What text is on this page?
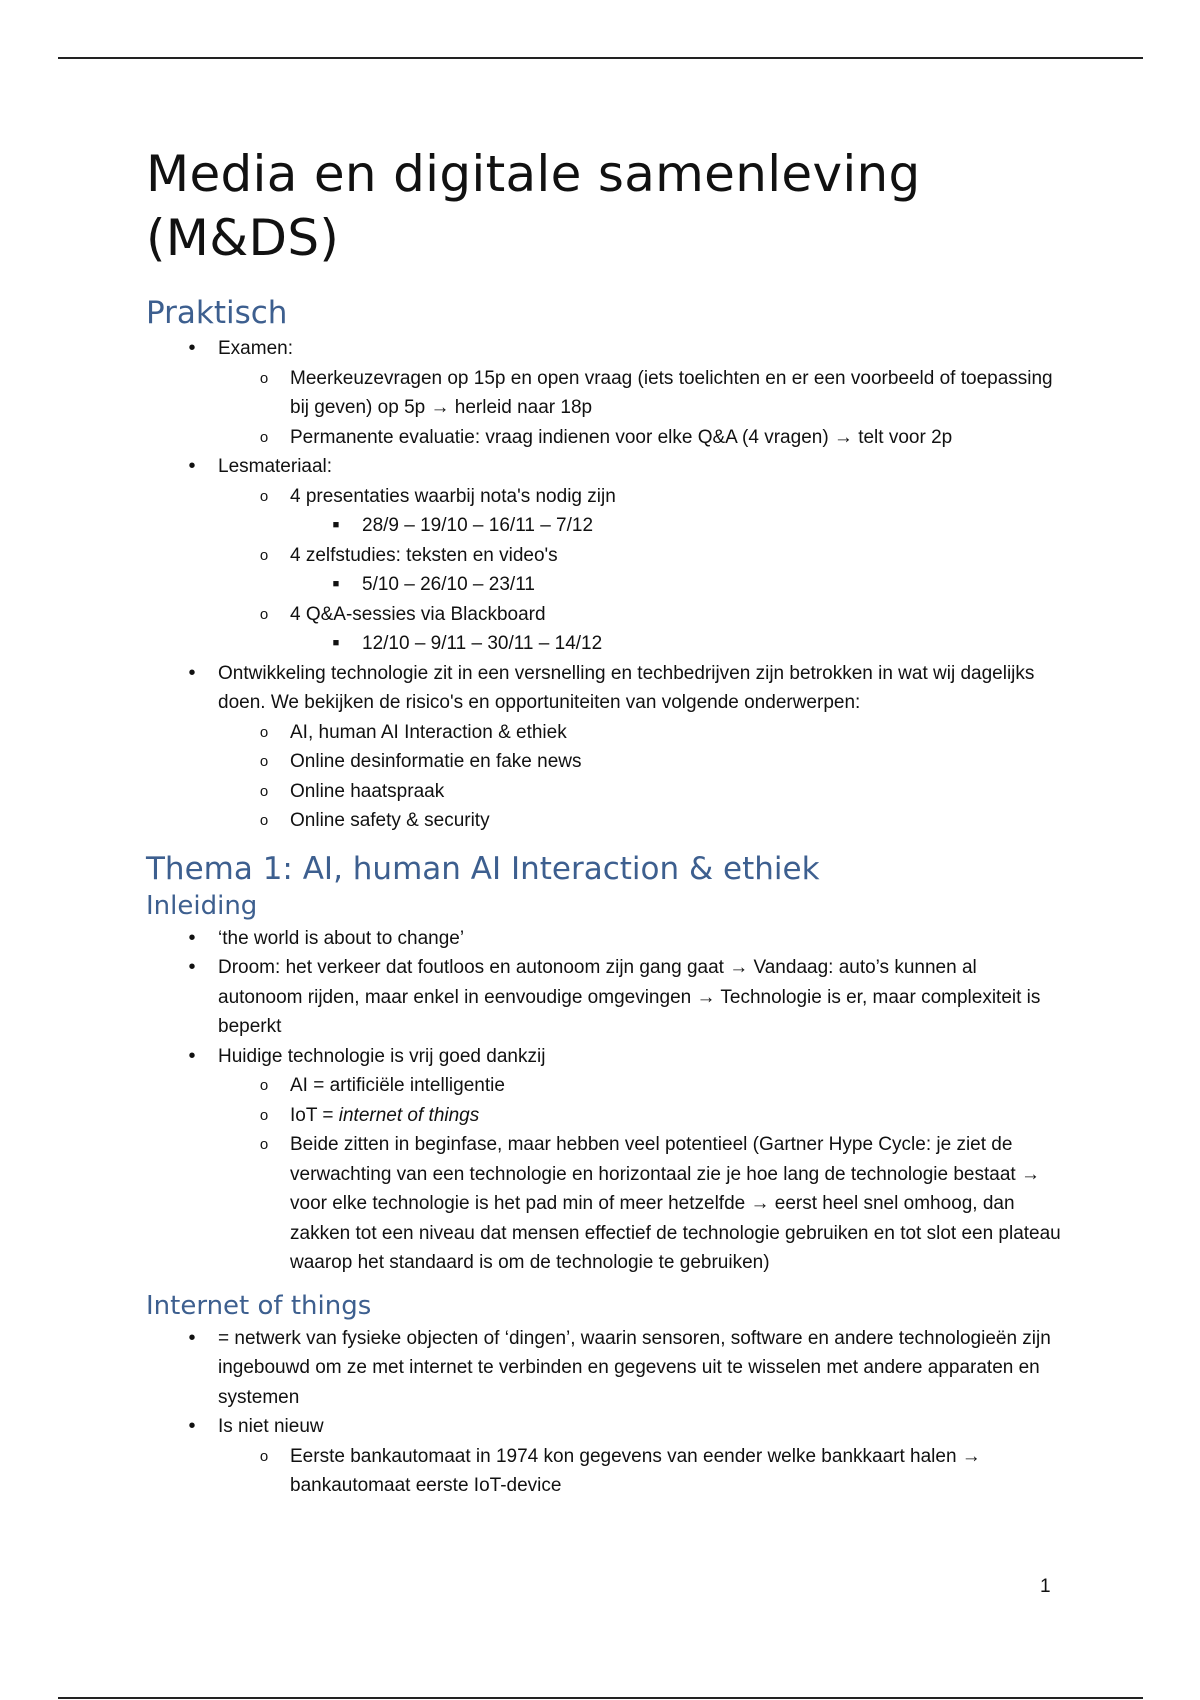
Media en digitale samenleving (M&DS)
Praktisch
•	Examen:
o	Meerkeuzevragen op 15p en open vraag (iets toelichten en er een voorbeeld of toepassing bij geven) op 5p → herleid naar 18p
o	Permanente evaluatie: vraag indienen voor elke Q&A (4 vragen) → telt voor 2p
•	Lesmateriaal:
o	4 presentaties waarbij nota's nodig zijn
■	28/9 – 19/10 – 16/11 – 7/12
o	4 zelfstudies: teksten en video's
■	5/10 – 26/10 – 23/11
o	4 Q&A-sessies via Blackboard
■	12/10 – 9/11 – 30/11 – 14/12
•	Ontwikkeling technologie zit in een versnelling en techbedrijven zijn betrokken in wat wij dagelijks doen. We bekijken de risico's en opportuniteiten van volgende onderwerpen:
o	AI, human AI Interaction & ethiek
o	Online desinformatie en fake news
o	Online haatspraak
o	Online safety & security
Thema 1: AI, human AI Interaction & ethiek
Inleiding
•	‘the world is about to change’
•	Droom: het verkeer dat foutloos en autonoom zijn gang gaat → Vandaag: auto’s kunnen al autonoom rijden, maar enkel in eenvoudige omgevingen → Technologie is er, maar complexiteit is beperkt
•	Huidige technologie is vrij goed dankzij
o	AI = artificiële intelligentie
o	IoT = internet of things
o	Beide zitten in beginfase, maar hebben veel potentieel (Gartner Hype Cycle: je ziet de verwachting van een technologie en horizontaal zie je hoe lang de technologie bestaat → voor elke technologie is het pad min of meer hetzelfde → eerst heel snel omhoog, dan zakken tot een niveau dat mensen effectief de technologie gebruiken en tot slot een plateau waarop het standaard is om de technologie te gebruiken)
Internet of things
•	= netwerk van fysieke objecten of ‘dingen’, waarin sensoren, software en andere technologieën zijn ingebouwd om ze met internet te verbinden en gegevens uit te wisselen met andere apparaten en systemen
•	Is niet nieuw
o	Eerste bankautomaat in 1974 kon gegevens van eender welke bankkaart halen → bankautomaat eerste IoT-device
1
